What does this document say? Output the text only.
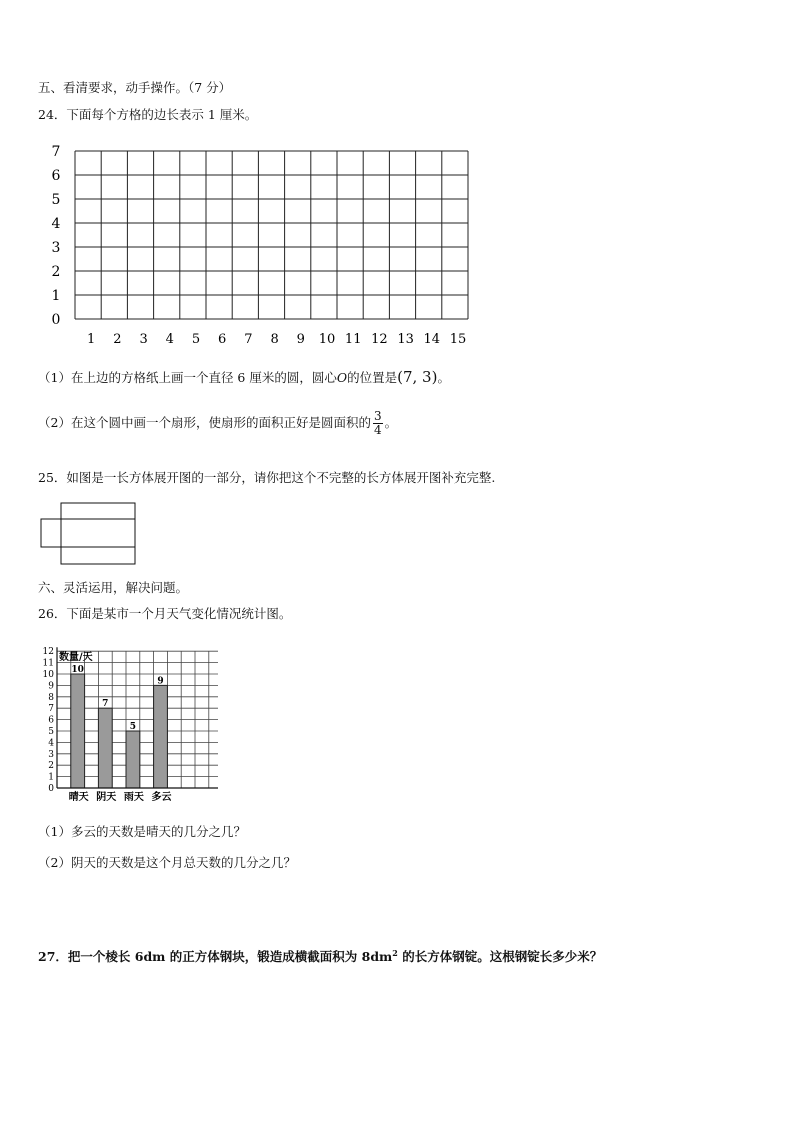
五、看清要求，动手操作。（7 分）
24．下面每个方格的边长表示 1 厘米。
0
1
2
3
4
5
6
7
1 2 3 4 5 6 7 8 9 10 11 12 13 14 15
（1）在上边的方格纸上画一个直径 6 厘米的圆，圆心O的位置是(7, 3)。
（2）在这个圆中画一个扇形，使扇形的面积正好是圆面积的 $\frac{3}{4}$ 。
25．如图是一长方体展开图的一部分，请你把这个不完整的长方体展开图补充完整.
六、灵活运用，解决问题。
26．下面是某市一个月天气变化情况统计图。
10
晴天
7
阴天
5
雨天
9
多云
0
1
2
3
4
5
6
7
8
9
10
11
12 数量/天
（1）多云的天数是晴天的几分之几？
（2）阴天的天数是这个月总天数的几分之几？
27．把一个棱长 6dm 的正方体钢块，锻造成横截面积为 $8dm^2$ 的长方体钢锭。这根钢锭长多少米？
